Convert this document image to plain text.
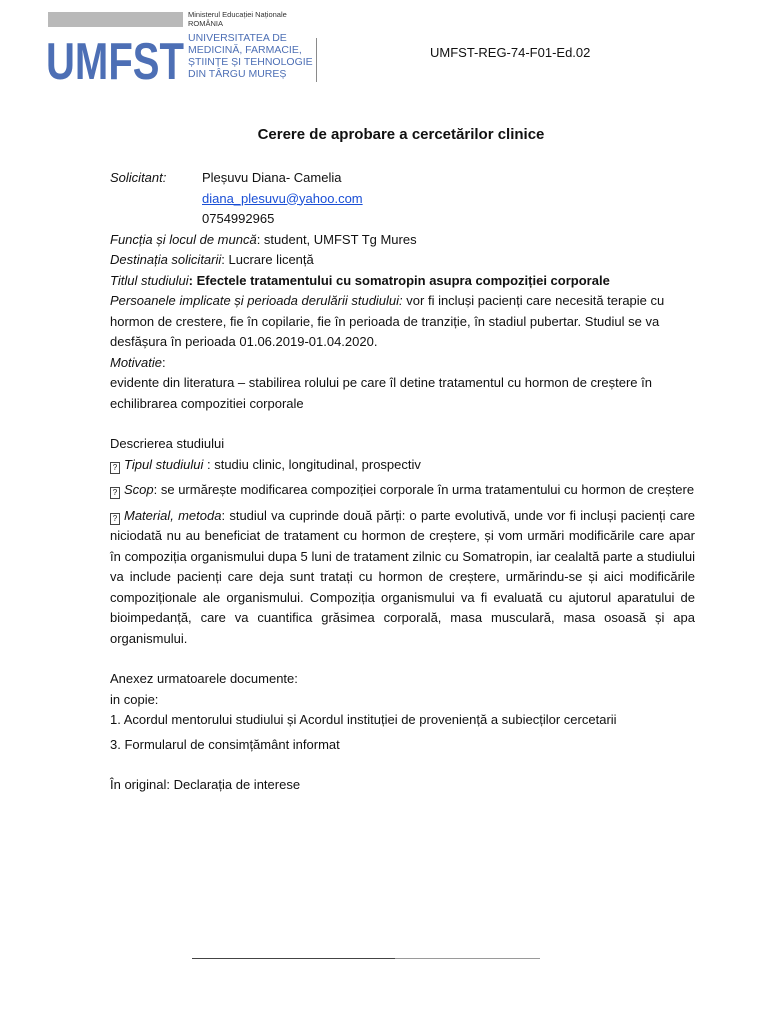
Ministerul Educației Naționale
ROMÂNIA
UMFST UNIVERSITATEA DE
MEDICINĂ, FARMACIE,
ȘTIINȚE ȘI TEHNOLOGIE
DIN TÂRGU MUREȘ
UMFST-REG-74-F01-Ed.02
Cerere de aprobare a cercetărilor clinice

Solicitant:	Pleșuvu Diana- Camelia

diana_plesuvu@yahoo.com

0754992965

Funcția și locul de muncă: student, UMFST Tg Mures

Destinația solicitarii: Lucrare licență

Titlul studiului: Efectele tratamentului cu somatropin asupra compoziției corporale

Persoanele implicate și perioada derulării studiului: vor fi incluși pacienți care necesită terapie cu hormon de crestere, fie în copilarie, fie în perioada de tranziție, în stadiul pubertar. Studiul se va desfășura în perioada 01.06.2019-01.04.2020.

Motivatie:

evidente din literatura – stabilirea rolului pe care îl detine tratamentul cu hormon de creștere în echilibrarea compozitiei corporale

Descrierea studiului

? Tipul studiului : studiu clinic, longitudinal, prospectiv

? Scop: se urmărește modificarea compoziției corporale în urma tratamentului cu hormon de creștere

? Material, metoda: studiul va cuprinde două părți: o parte evolutivă, unde vor fi incluși pacienți care niciodată nu au beneficiat de tratament cu hormon de creștere, și vom urmări modificările care apar în compoziția organismului dupa 5 luni de tratament zilnic cu Somatropin, iar cealaltă parte a studiului va include pacienți care deja sunt tratați cu hormon de creștere, urmărindu-se și aici modificările compoziționale ale organismului. Compoziția organismului va fi evaluată cu ajutorul aparatului de bioimpedanță, care va cuantifica grăsimea corporală, masa musculară, masa osoasă și apa organismului.

Anexez urmatoarele documente:

in copie:

1. Acordul mentorului studiului și Acordul instituției de proveniență a subiecților cercetarii

3. Formularul de consimțământ informat

În original: Declarația de interese
